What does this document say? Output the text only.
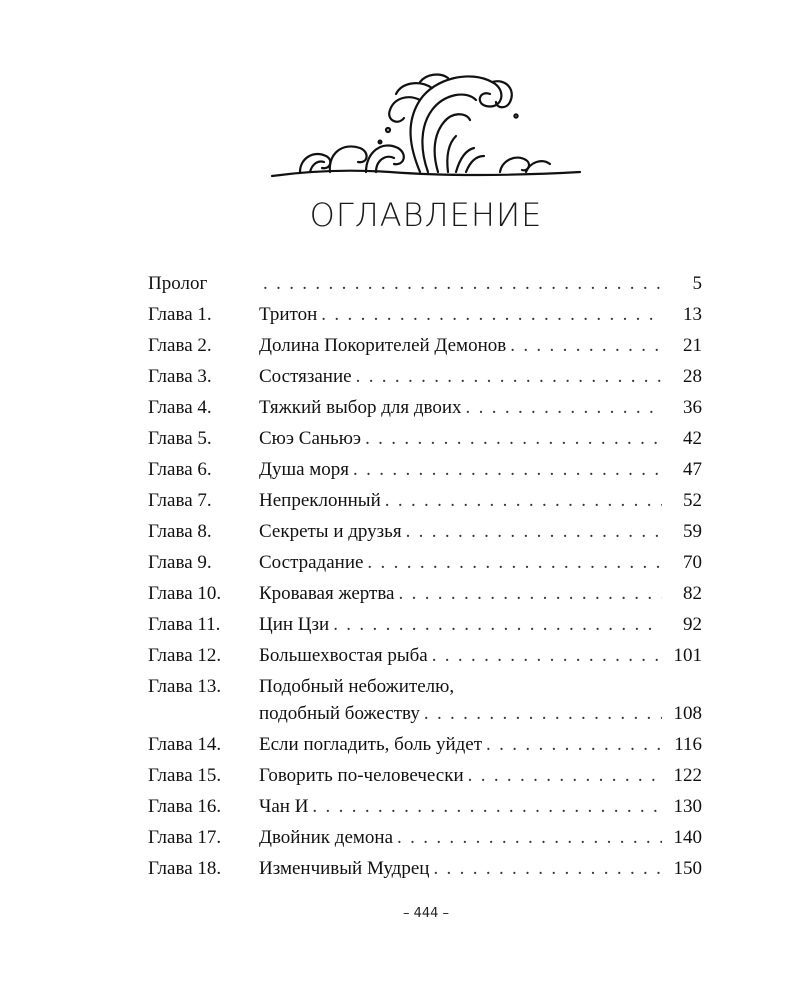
ОГЛАВЛЕНИЕ
Пролог . . .	5
Глава 1.	Тритон . . .	13
Глава 2.	Долина Покорителей Демонов . . .	21
Глава 3.	Состязание . . .	28
Глава 4.	Тяжкий выбор для двоих . . .	36
Глава 5.	Сюэ Саньюэ . . .	42
Глава 6.	Душа моря . . .	47
Глава 7.	Непреклонный . . .	52
Глава 8.	Секреты и друзья . . .	59
Глава 9.	Сострадание . . .	70
Глава 10.	Кровавая жертва . . .	82
Глава 11.	Цин Цзи . . .	92
Глава 12.	Большехвостая рыба . . .	101
Глава 13.	Подобный небожителю,
подобный божеству . . .	108
Глава 14.	Если погладить, боль уйдет . . .	116
Глава 15.	Говорить по-человечески . . .	122
Глава 16.	Чан И . . .	130
Глава 17.	Двойник демона . . .	140
Глава 18.	Изменчивый Мудрец . . .	150
– 444 –
